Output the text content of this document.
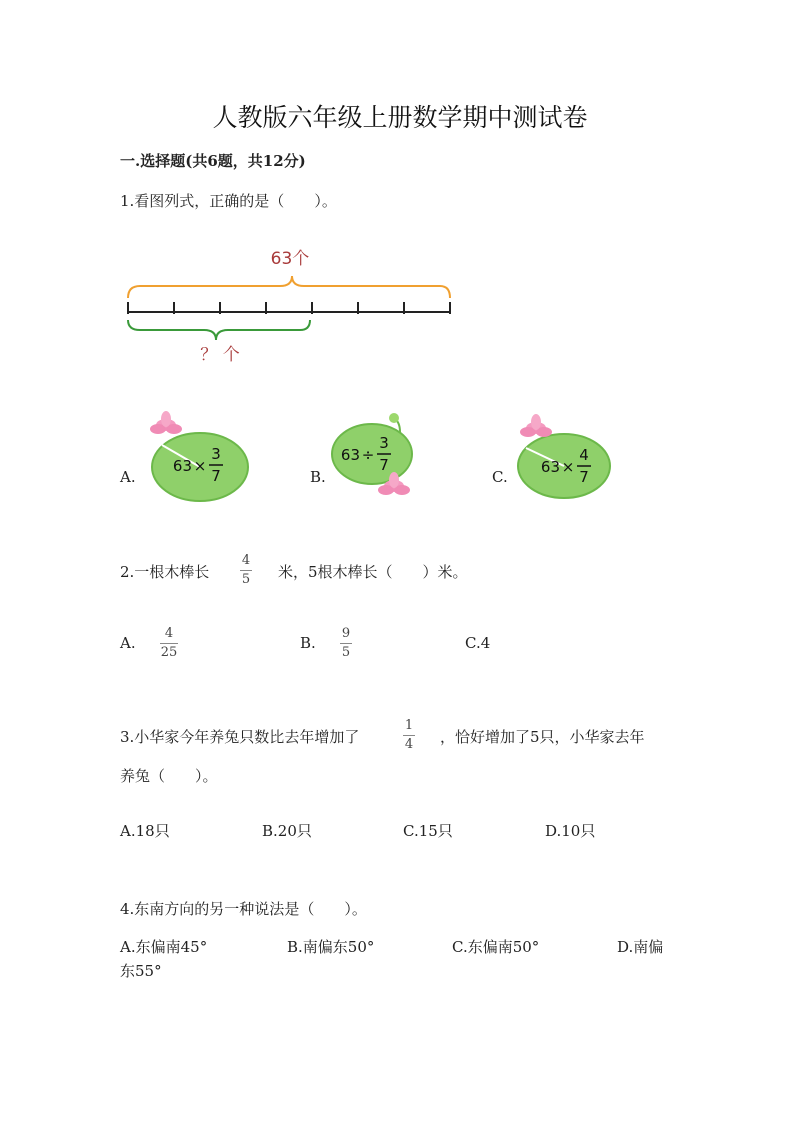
人教版六年级上册数学期中测试卷
一.选择题(共6题，共12分)
1.看图列式，正确的是（　　）。
63个
？ 个
A.
63 ×
3
7	B.
63 ÷
3
7
C.
63 ×
4
7
2.一根木棒长
4
5 米，5根木棒长（　　）米。
A.
4
25
B.
9
5
C.4
3.小华家今年养兔只数比去年增加了
1
4 ，恰好增加了5只，小华家去年
养兔（　　）。
A.18只	B.20只	C.15只	D.10只
4.东南方向的另一种说法是（　　）。
A.东偏南45°	B.南偏东50°	C.东偏南50°	D.南偏
东55°
